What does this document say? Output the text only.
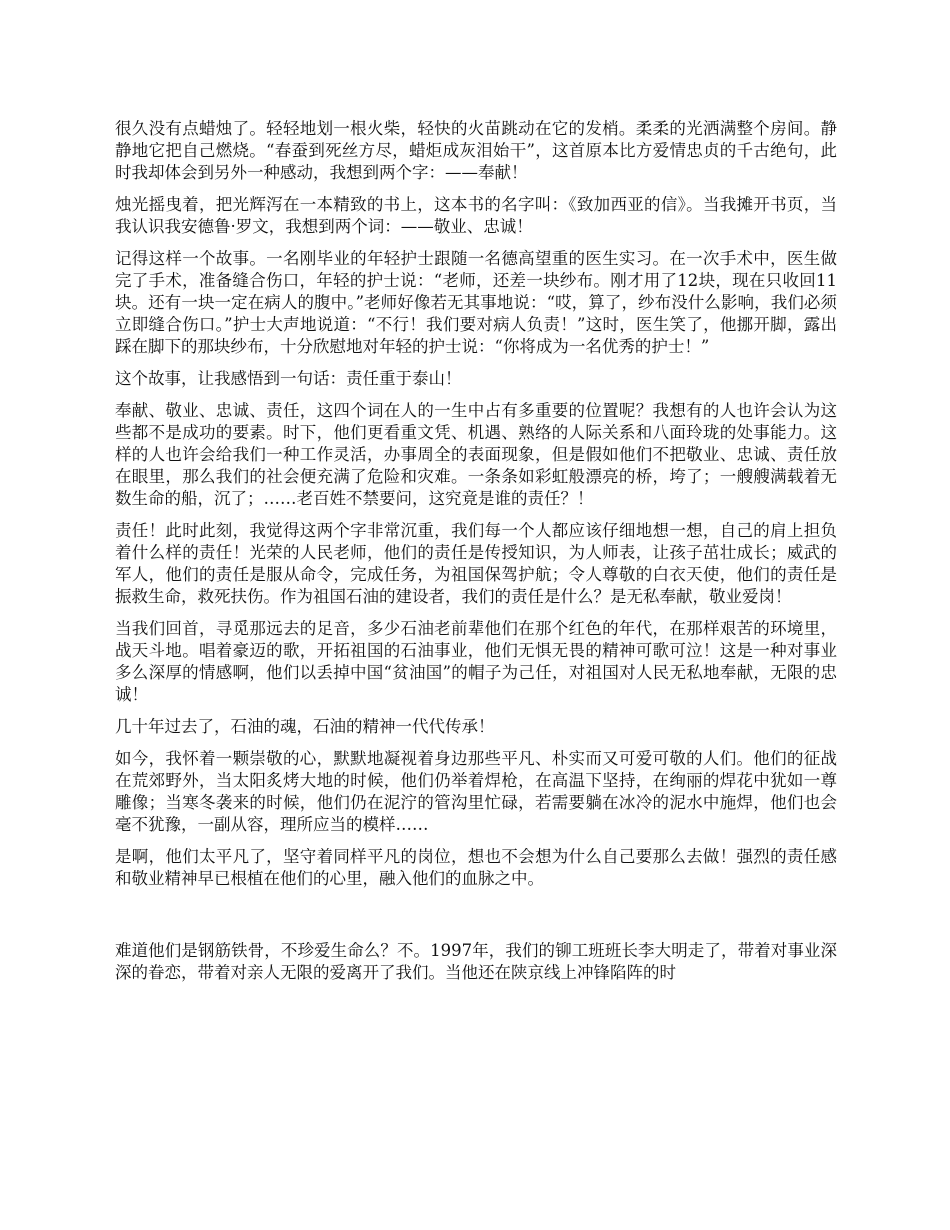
很久没有点蜡烛了。轻轻地划一根火柴，轻快的火苗跳动在它的发梢。柔柔的光洒满整个房间。静静地它把自己燃烧。“春蚕到死丝方尽，蜡炬成灰泪始干”，这首原本比方爱情忠贞的千古绝句，此时我却体会到另外一种感动，我想到两个字：——奉献！

烛光摇曳着，把光辉泻在一本精致的书上，这本书的名字叫：《致加西亚的信》。当我摊开书页，当我认识我安德鲁·罗文，我想到两个词：——敬业、忠诚！

记得这样一个故事。一名刚毕业的年轻护士跟随一名德高望重的医生实习。在一次手术中，医生做完了手术，准备缝合伤口，年轻的护士说：“老师，还差一块纱布。刚才用了12块，现在只收回11块。还有一块一定在病人的腹中。”老师好像若无其事地说：“哎，算了，纱布没什么影响，我们必须立即缝合伤口。”护士大声地说道：“不行！我们要对病人负责！”这时，医生笑了，他挪开脚，露出踩在脚下的那块纱布，十分欣慰地对年轻的护士说：“你将成为一名优秀的护士！”

这个故事，让我感悟到一句话：责任重于泰山！

奉献、敬业、忠诚、责任，这四个词在人的一生中占有多重要的位置呢？我想有的人也许会认为这些都不是成功的要素。时下，他们更看重文凭、机遇、熟络的人际关系和八面玲珑的处事能力。这样的人也许会给我们一种工作灵活，办事周全的表面现象，但是假如他们不把敬业、忠诚、责任放在眼里，那么我们的社会便充满了危险和灾难。一条条如彩虹般漂亮的桥，垮了；一艘艘满载着无数生命的船，沉了；……老百姓不禁要问，这究竟是谁的责任？！

责任！此时此刻，我觉得这两个字非常沉重，我们每一个人都应该仔细地想一想，自己的肩上担负着什么样的责任！光荣的人民老师，他们的责任是传授知识，为人师表，让孩子茁壮成长；威武的军人，他们的责任是服从命令，完成任务，为祖国保驾护航；令人尊敬的白衣天使，他们的责任是振救生命，救死扶伤。作为祖国石油的建设者，我们的责任是什么？是无私奉献，敬业爱岗！

当我们回首，寻觅那远去的足音，多少石油老前辈他们在那个红色的年代，在那样艰苦的环境里，战天斗地。唱着豪迈的歌，开拓祖国的石油事业，他们无惧无畏的精神可歌可泣！这是一种对事业多么深厚的情感啊，他们以丢掉中国“贫油国”的帽子为己任，对祖国对人民无私地奉献，无限的忠诚！

几十年过去了，石油的魂，石油的精神一代代传承！

如今，我怀着一颗崇敬的心，默默地凝视着身边那些平凡、朴实而又可爱可敬的人们。他们的征战在荒郊野外，当太阳炙烤大地的时候，他们仍举着焊枪，在高温下坚持，在绚丽的焊花中犹如一尊雕像；当寒冬袭来的时候，他们仍在泥泞的管沟里忙碌，若需要躺在冰冷的泥水中施焊，他们也会毫不犹豫，一副从容，理所应当的模样……

是啊，他们太平凡了，坚守着同样平凡的岗位，想也不会想为什么自己要那么去做！强烈的责任感和敬业精神早已根植在他们的心里，融入他们的血脉之中。

难道他们是钢筋铁骨，不珍爱生命么？不。1997年，我们的铆工班班长李大明走了，带着对事业深深的眷恋，带着对亲人无限的爱离开了我们。当他还在陕京线上冲锋陷阵的时
